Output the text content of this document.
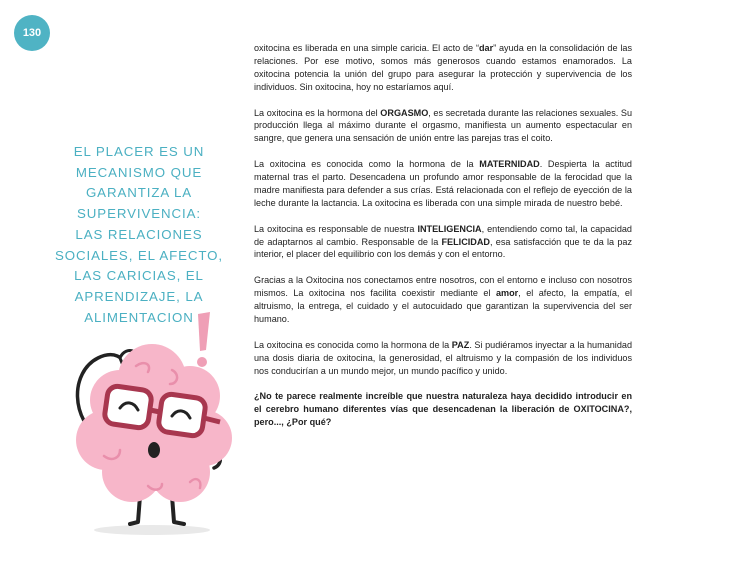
130
EL PLACER ES UN
MECANISMO QUE
GARANTIZA LA
SUPERVIVENCIA:
LAS RELACIONES
SOCIALES, EL AFECTO,
LAS CARICIAS, EL
APRENDIZAJE, LA
ALIMENTACION

oxitocina es liberada en una simple caricia. El acto de “dar” ayuda en la consolidación de las relaciones. Por ese motivo, somos más generosos cuando estamos enamorados. La oxitocina potencia la unión del grupo para asegurar la protección y supervivencia de los individuos. Sin oxitocina, hoy no estaríamos aquí.

La oxitocina es la hormona del ORGASMO, es secretada durante las relaciones sexuales. Su producción llega al máximo durante el orgasmo, manifiesta un aumento espectacular en sangre, que genera una sensación de unión entre las parejas tras el coito.

La oxitocina es conocida como la hormona de la MATERNIDAD. Despierta la actitud maternal tras el parto. Desencadena un profundo amor responsable de la ferocidad que la madre manifiesta para defender a sus crías. Está relacionada con el reflejo de eyección de la leche durante la lactancia. La oxitocina es liberada con una simple mirada de nuestro bebé.

La oxitocina es responsable de nuestra INTELIGENCIA, entendiendo como tal, la capacidad de adaptarnos al cambio. Responsable de la FELICIDAD, esa satisfacción que te da la paz interior, el placer del equilibrio con los demás y con el entorno.

Gracias a la Oxitocina nos conectamos entre nosotros, con el entorno e incluso con nosotros mismos. La oxitocina nos facilita coexistir mediante el amor, el afecto, la empatía, el altruismo, la entrega, el cuidado y el autocuidado que garantizan la supervivencia del ser humano.

La oxitocina es conocida como la hormona de la PAZ. Si pudiéramos inyectar a la humanidad una dosis diaria de oxitocina, la generosidad, el altruismo y la compasión de los individuos nos conducirían a un mundo mejor, un mundo pacífico y unido.

¿No te parece realmente increíble que nuestra naturaleza haya decidido introducir en el cerebro humano diferentes vías que desencadenan la liberación de OXITOCINA?, pero..., ¿Por qué?
